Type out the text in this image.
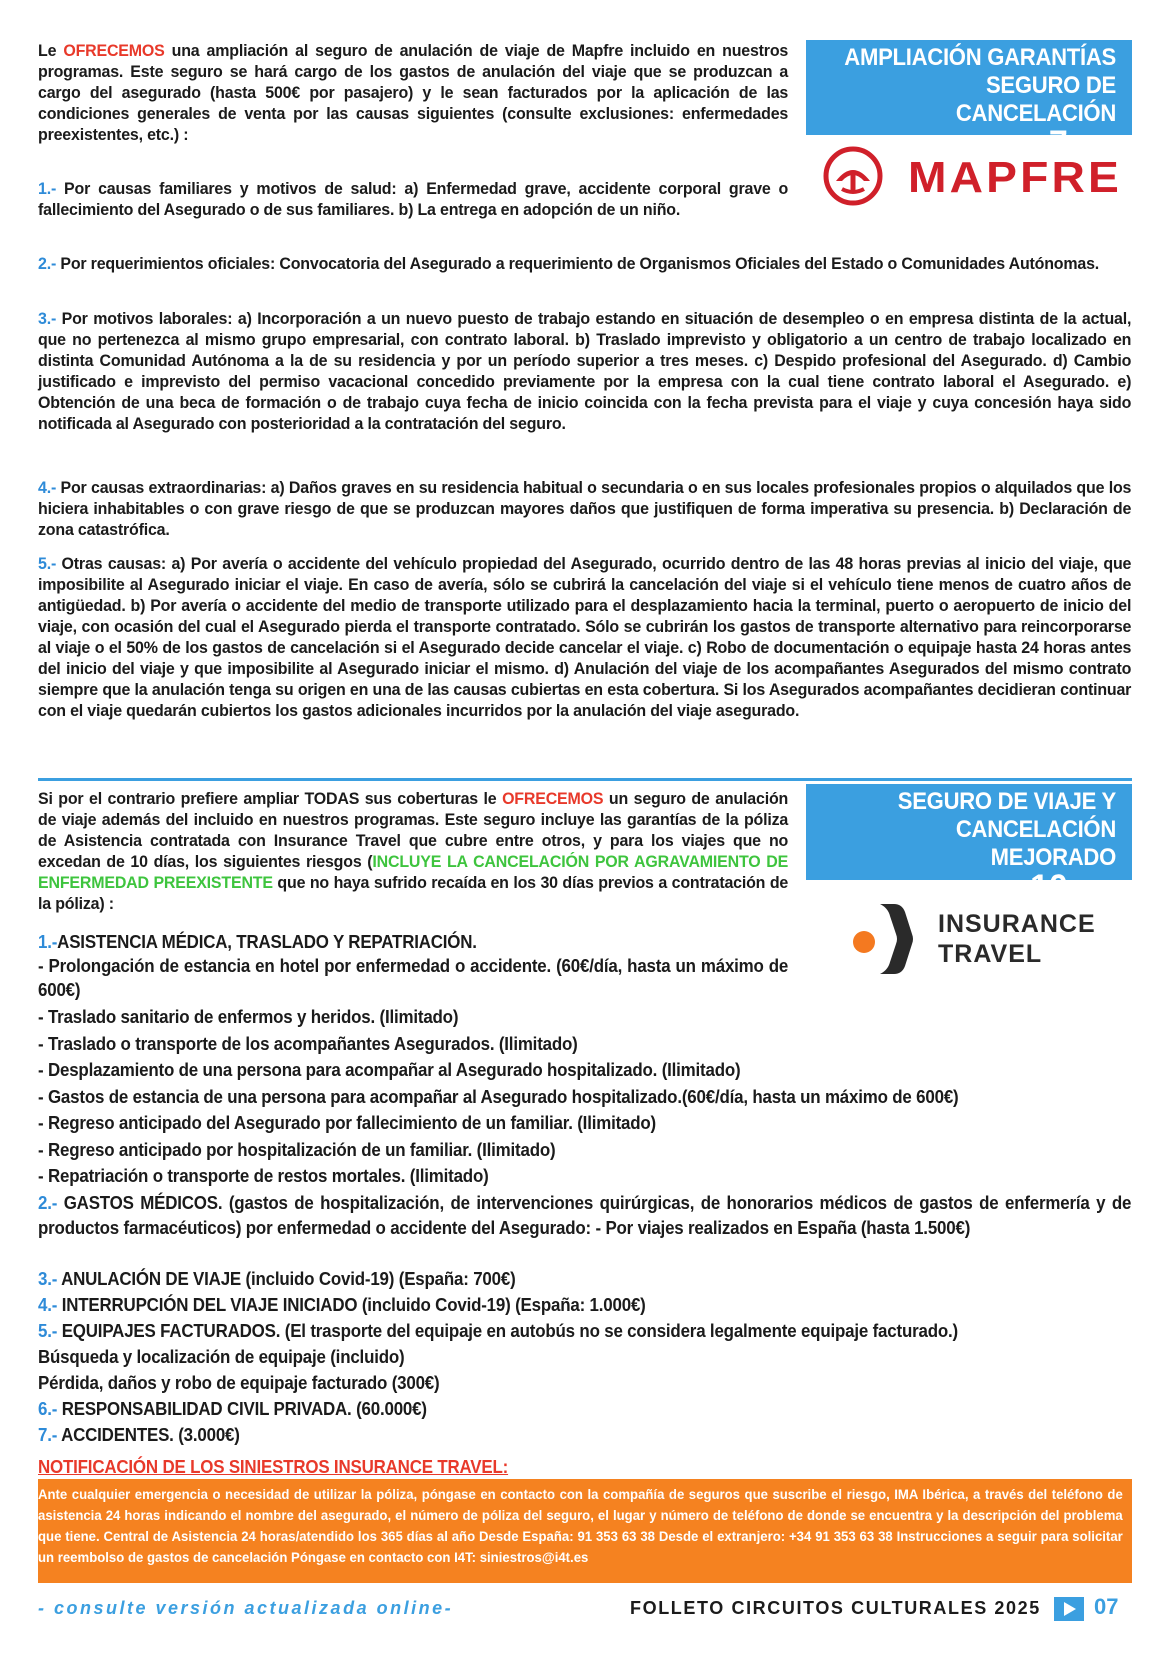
AMPLIACIÓN GARANTÍAS
SEGURO DE CANCELACIÓN
Por sólo 7€ más
MAPFRE
Le OFRECEMOS una ampliación al seguro de anulación de viaje de Mapfre incluido en nuestros programas. Este seguro se hará cargo de los gastos de anulación del viaje que se produzcan a cargo del asegurado (hasta 500€ por pasajero) y le sean facturados por la aplicación de las condiciones generales de venta por las causas siguientes (consulte exclusiones: enfermedades preexistentes, etc.) :
1.- Por causas familiares y motivos de salud: a) Enfermedad grave, accidente corporal grave o fallecimiento del Asegurado o de sus familiares. b) La entrega en adopción de un niño.
2.- Por requerimientos oficiales: Convocatoria del Asegurado a requerimiento de Organismos Oficiales del Estado o Comunidades Autónomas.
3.- Por motivos laborales: a) Incorporación a un nuevo puesto de trabajo estando en situación de desempleo o en empresa distinta de la actual, que no pertenezca al mismo grupo empresarial, con contrato laboral. b) Traslado imprevisto y obligatorio a un centro de trabajo localizado en distinta Comunidad Autónoma a la de su residencia y por un período superior a tres meses. c) Despido profesional del Asegurado. d) Cambio justificado e imprevisto del permiso vacacional concedido previamente por la empresa con la cual tiene contrato laboral el Asegurado. e) Obtención de una beca de formación o de trabajo cuya fecha de inicio coincida con la fecha prevista para el viaje y cuya concesión haya sido notificada al Asegurado con posterioridad a la contratación del seguro.
4.- Por causas extraordinarias: a) Daños graves en su residencia habitual o secundaria o en sus locales profesionales propios o alquilados que los hiciera inhabitables o con grave riesgo de que se produzcan mayores daños que justifiquen de forma imperativa su presencia. b) Declaración de zona catastrófica.
5.- Otras causas: a) Por avería o accidente del vehículo propiedad del Asegurado, ocurrido dentro de las 48 horas previas al inicio del viaje, que imposibilite al Asegurado iniciar el viaje. En caso de avería, sólo se cubrirá la cancelación del viaje si el vehículo tiene menos de cuatro años de antigüedad. b) Por avería o accidente del medio de transporte utilizado para el desplazamiento hacia la terminal, puerto o aeropuerto de inicio del viaje, con ocasión del cual el Asegurado pierda el transporte contratado. Sólo se cubrirán los gastos de transporte alternativo para reincorporarse al viaje o el 50% de los gastos de cancelación si el Asegurado decide cancelar el viaje. c) Robo de documentación o equipaje hasta 24 horas antes del inicio del viaje y que imposibilite al Asegurado iniciar el mismo. d) Anulación del viaje de los acompañantes Asegurados del mismo contrato siempre que la anulación tenga su origen en una de las causas cubiertas en esta cobertura. Si los Asegurados acompañantes decidieran continuar con el viaje quedarán cubiertos los gastos adicionales incurridos por la anulación del viaje asegurado.
SEGURO DE VIAJE Y
CANCELACIÓN MEJORADO
Por sólo 10€ más
INSURANCE
TRAVEL
Si por el contrario prefiere ampliar TODAS sus coberturas le OFRECEMOS un seguro de anulación de viaje además del incluido en nuestros programas. Este seguro incluye las garantías de la póliza de Asistencia contratada con Insurance Travel que cubre entre otros, y para los viajes que no excedan de 10 días, los siguientes riesgos (INCLUYE LA CANCELACIÓN POR AGRAVAMIENTO DE ENFERMEDAD PREEXISTENTE que no haya sufrido recaída en los 30 días previos a contratación de la póliza) :
1.-ASISTENCIA MÉDICA, TRASLADO Y REPATRIACIÓN.
- Prolongación de estancia en hotel por enfermedad o accidente. (60€/día, hasta un máximo de 600€)
- Traslado sanitario de enfermos y heridos. (Ilimitado)
- Traslado o transporte de los acompañantes Asegurados. (Ilimitado)
- Desplazamiento de una persona para acompañar al Asegurado hospitalizado. (Ilimitado)
- Gastos de estancia de una persona para acompañar al Asegurado hospitalizado.(60€/día, hasta un máximo de 600€)
- Regreso anticipado del Asegurado por fallecimiento de un familiar. (Ilimitado)
- Regreso anticipado por hospitalización de un familiar. (Ilimitado)
- Repatriación o transporte de restos mortales. (Ilimitado)
2.- GASTOS MÉDICOS. (gastos de hospitalización, de intervenciones quirúrgicas, de honorarios médicos de gastos de enfermería y de productos farmacéuticos) por enfermedad o accidente del Asegurado: - Por viajes realizados en España (hasta 1.500€)
3.- ANULACIÓN DE VIAJE (incluido Covid-19) (España: 700€)
4.- INTERRUPCIÓN DEL VIAJE INICIADO (incluido Covid-19) (España: 1.000€)
5.- EQUIPAJES FACTURADOS. (El trasporte del equipaje en autobús no se considera legalmente equipaje facturado.)
Búsqueda y localización de equipaje (incluido)
Pérdida, daños y robo de equipaje facturado (300€)
6.- RESPONSABILIDAD CIVIL PRIVADA. (60.000€)
7.- ACCIDENTES. (3.000€)
NOTIFICACIÓN DE LOS SINIESTROS INSURANCE TRAVEL:
Ante cualquier emergencia o necesidad de utilizar la póliza, póngase en contacto con la compañía de seguros que suscribe el riesgo, IMA Ibérica, a través del teléfono de asistencia 24 horas indicando el nombre del asegurado, el número de póliza del seguro, el lugar y número de teléfono de donde se encuentra y la descripción del problema que tiene. Central de Asistencia 24 horas/atendido los 365 días al año Desde España: 91 353 63 38 Desde el extranjero: +34 91 353 63 38 Instrucciones a seguir para solicitar un reembolso de gastos de cancelación Póngase en contacto con I4T: siniestros@i4t.es
- consulte versión actualizada online-	FOLLETO CIRCUITOS CULTURALES 2025 07
